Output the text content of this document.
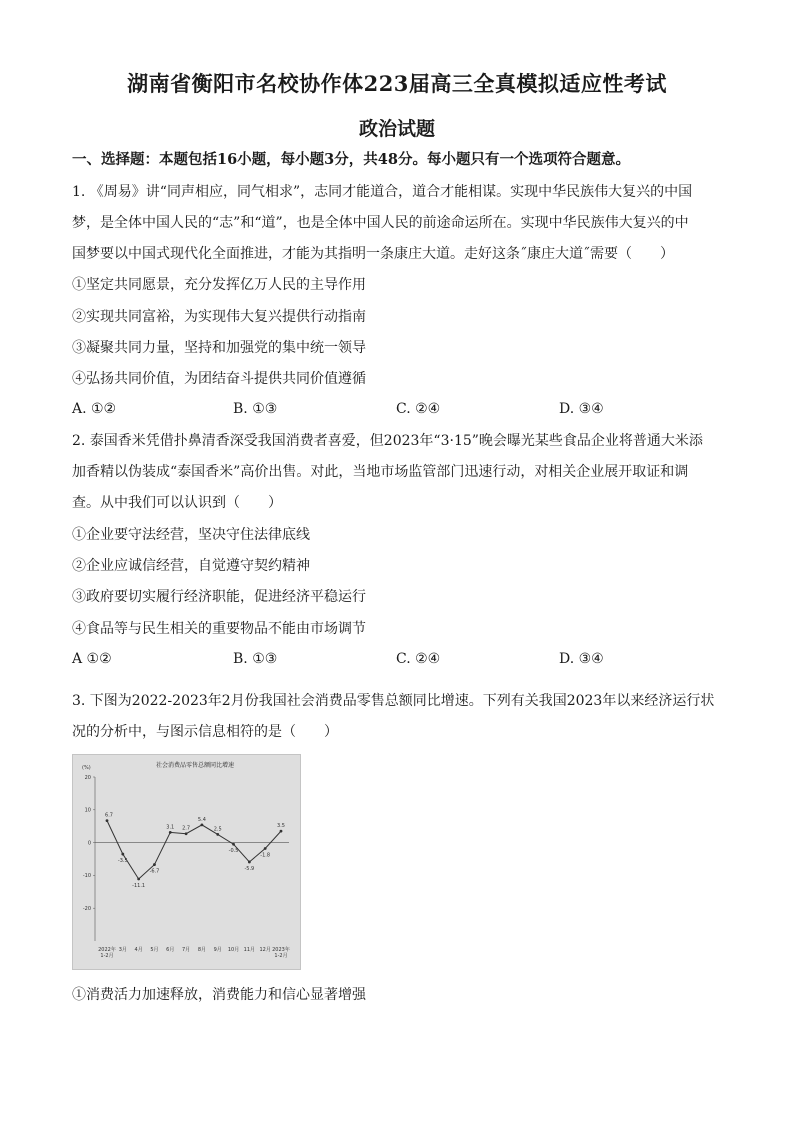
湖南省衡阳市名校协作体223届高三全真模拟适应性考试
政治试题
一、选择题：本题包括16小题，每小题3分，共48分。每小题只有一个选项符合题意。
1. 《周易》讲“同声相应，同气相求”，志同才能道合，道合才能相谋。实现中华民族伟大复兴的中国
梦，是全体中国人民的“志”和“道”，也是全体中国人民的前途命运所在。实现中华民族伟大复兴的中
国梦要以中国式现代化全面推进，才能为其指明一条康庄大道。走好这条˝康庄大道˝需要（　　）
①坚定共同愿景，充分发挥亿万人民的主导作用
②实现共同富裕，为实现伟大复兴提供行动指南
③凝聚共同力量，坚持和加强党的集中统一领导
④弘扬共同价值，为团结奋斗提供共同价值遵循
A. ①②	B. ①③	C. ②④	D. ③④
2. 泰国香米凭借扑鼻清香深受我国消费者喜爱，但2023年“3·15”晚会曝光某些食品企业将普通大米添
加香精以伪装成“泰国香米”高价出售。对此，当地市场监管部门迅速行动，对相关企业展开取证和调
查。从中我们可以认识到（　　）
①企业要守法经营，坚决守住法律底线
②企业应诚信经营，自觉遵守契约精神
③政府要切实履行经济职能，促进经济平稳运行
④食品等与民生相关的重要物品不能由市场调节
A ①②	B. ①③	C. ②④	D. ③④
3. 下图为2022-2023年2月份我国社会消费品零售总额同比增速。下列有关我国2023年以来经济运行状
况的分析中，与图示信息相符的是（　　）
社会消费品零售总额同比增速
(%)
20
10
0
-10
-20
6.7
-3.5
-11.1
-6.7
3.1 2.7
5.4
2.5
-0.5
-5.9
-1.8
3.5
2022年
1-2月
3月 4月 5月 6月 7月 8月 9月 10月 11月 12月 2023年
1-2月
①消费活力加速释放，消费能力和信心显著增强
